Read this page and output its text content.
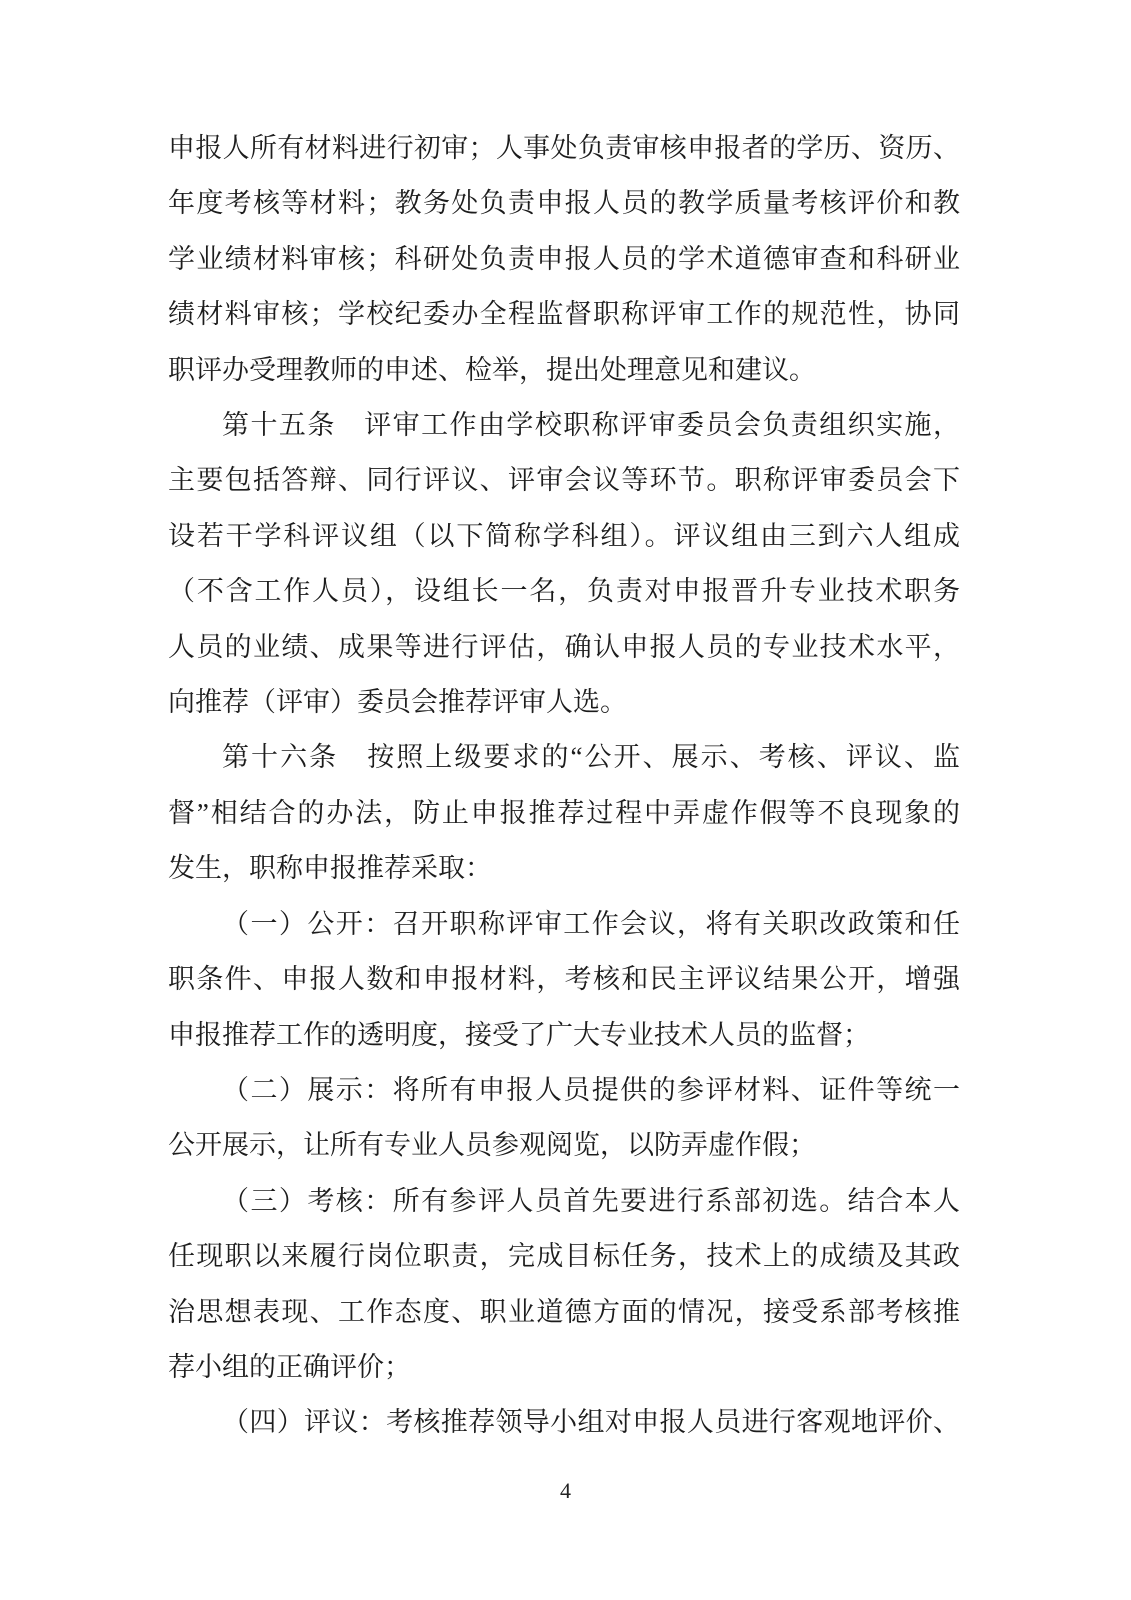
申报人所有材料进行初审；人事处负责审核申报者的学历、资历、
年度考核等材料；教务处负责申报人员的教学质量考核评价和教
学业绩材料审核；科研处负责申报人员的学术道德审查和科研业
绩材料审核；学校纪委办全程监督职称评审工作的规范性，协同
职评办受理教师的申述、检举，提出处理意见和建议。
第十五条　评审工作由学校职称评审委员会负责组织实施，
主要包括答辩、同行评议、评审会议等环节。职称评审委员会下
设若干学科评议组（以下简称学科组）。评议组由三到六人组成
（不含工作人员），设组长一名，负责对申报晋升专业技术职务
人员的业绩、成果等进行评估，确认申报人员的专业技术水平，
向推荐（评审）委员会推荐评审人选。
第十六条　按照上级要求的“公开、展示、考核、评议、监
督”相结合的办法，防止申报推荐过程中弄虚作假等不良现象的
发生，职称申报推荐采取：
（一）公开：召开职称评审工作会议，将有关职改政策和任
职条件、申报人数和申报材料，考核和民主评议结果公开，增强
申报推荐工作的透明度，接受了广大专业技术人员的监督；
（二）展示：将所有申报人员提供的参评材料、证件等统一
公开展示，让所有专业人员参观阅览，以防弄虚作假；
（三）考核：所有参评人员首先要进行系部初选。结合本人
任现职以来履行岗位职责，完成目标任务，技术上的成绩及其政
治思想表现、工作态度、职业道德方面的情况，接受系部考核推
荐小组的正确评价；
（四）评议：考核推荐领导小组对申报人员进行客观地评价、
4
